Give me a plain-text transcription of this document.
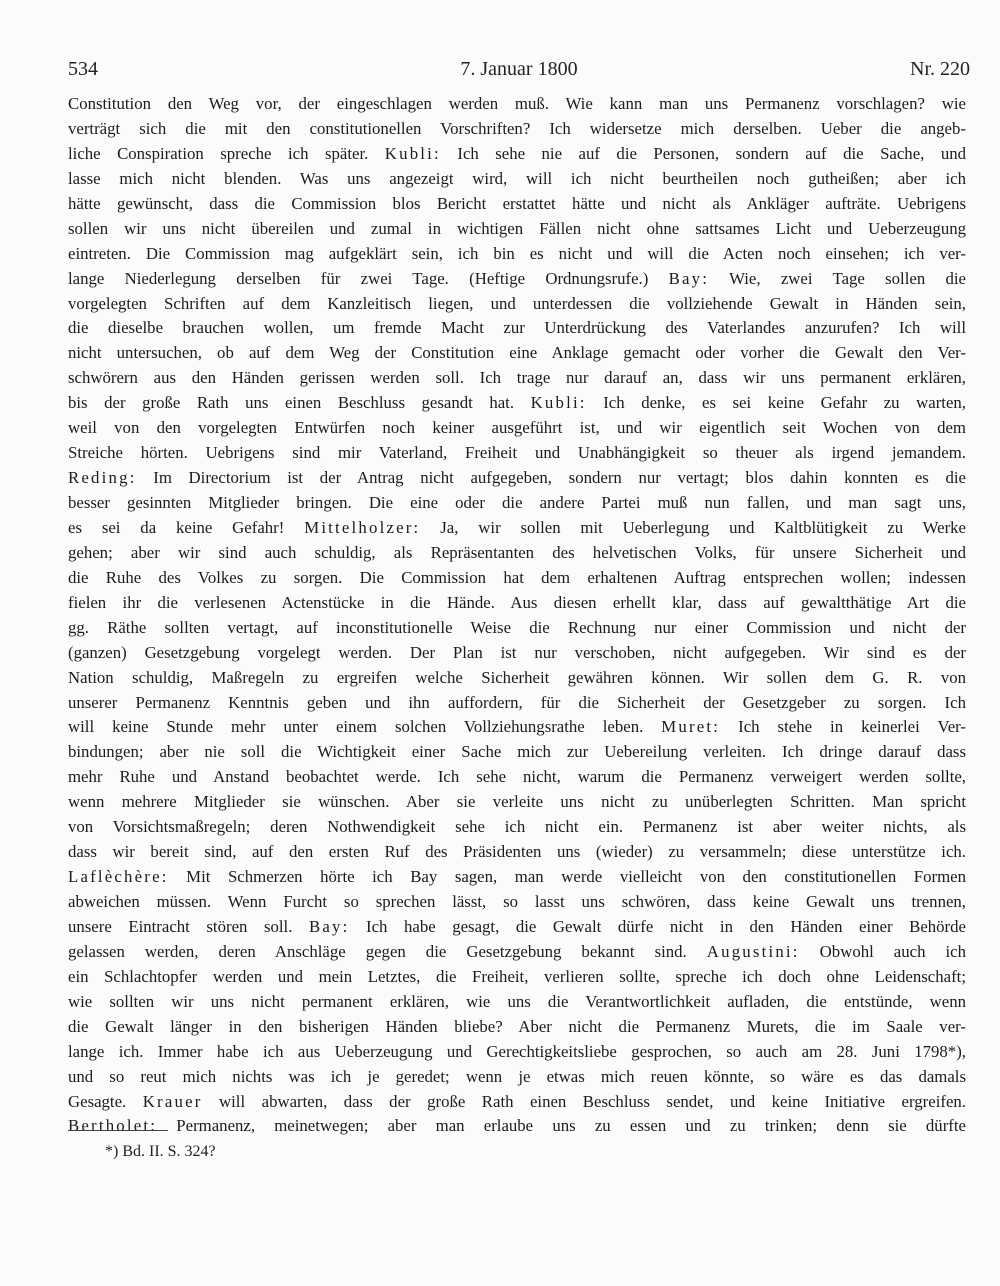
534	7. Januar 1800	Nr. 220
Constitution den Weg vor, der eingeschlagen werden muß. Wie kann man uns Permanenz vorschlagen? wie
verträgt sich die mit den constitutionellen Vorschriften? Ich widersetze mich derselben. Ueber die angeb-
liche Conspiration spreche ich später. Kubli: Ich sehe nie auf die Personen, sondern auf die Sache, und
lasse mich nicht blenden. Was uns angezeigt wird, will ich nicht beurtheilen noch gutheißen; aber ich
hätte gewünscht, dass die Commission blos Bericht erstattet hätte und nicht als Ankläger aufträte. Uebrigens
sollen wir uns nicht übereilen und zumal in wichtigen Fällen nicht ohne sattsames Licht und Ueberzeugung
eintreten. Die Commission mag aufgeklärt sein, ich bin es nicht und will die Acten noch einsehen; ich ver-
lange Niederlegung derselben für zwei Tage. (Heftige Ordnungsrufe.) Bay: Wie, zwei Tage sollen die
vorgelegten Schriften auf dem Kanzleitisch liegen, und unterdessen die vollziehende Gewalt in Händen sein,
die dieselbe brauchen wollen, um fremde Macht zur Unterdrückung des Vaterlandes anzurufen? Ich will
nicht untersuchen, ob auf dem Weg der Constitution eine Anklage gemacht oder vorher die Gewalt den Ver-
schwörern aus den Händen gerissen werden soll. Ich trage nur darauf an, dass wir uns permanent erklären,
bis der große Rath uns einen Beschluss gesandt hat. Kubli: Ich denke, es sei keine Gefahr zu warten,
weil von den vorgelegten Entwürfen noch keiner ausgeführt ist, und wir eigentlich seit Wochen von dem
Streiche hörten. Uebrigens sind mir Vaterland, Freiheit und Unabhängigkeit so theuer als irgend jemandem.
Reding: Im Directorium ist der Antrag nicht aufgegeben, sondern nur vertagt; blos dahin konnten es die
besser gesinnten Mitglieder bringen. Die eine oder die andere Partei muß nun fallen, und man sagt uns,
es sei da keine Gefahr! Mittelholzer: Ja, wir sollen mit Ueberlegung und Kaltblütigkeit zu Werke
gehen; aber wir sind auch schuldig, als Repräsentanten des helvetischen Volks, für unsere Sicherheit und
die Ruhe des Volkes zu sorgen. Die Commission hat dem erhaltenen Auftrag entsprechen wollen; indessen
fielen ihr die verlesenen Actenstücke in die Hände. Aus diesen erhellt klar, dass auf gewaltthätige Art die
gg. Räthe sollten vertagt, auf inconstitutionelle Weise die Rechnung nur einer Commission und nicht der
(ganzen) Gesetzgebung vorgelegt werden. Der Plan ist nur verschoben, nicht aufgegeben. Wir sind es der
Nation schuldig, Maßregeln zu ergreifen welche Sicherheit gewähren können. Wir sollen dem G. R. von
unserer Permanenz Kenntnis geben und ihn auffordern, für die Sicherheit der Gesetzgeber zu sorgen. Ich
will keine Stunde mehr unter einem solchen Vollziehungsrathe leben. Muret: Ich stehe in keinerlei Ver-
bindungen; aber nie soll die Wichtigkeit einer Sache mich zur Uebereilung verleiten. Ich dringe darauf dass
mehr Ruhe und Anstand beobachtet werde. Ich sehe nicht, warum die Permanenz verweigert werden sollte,
wenn mehrere Mitglieder sie wünschen. Aber sie verleite uns nicht zu unüberlegten Schritten. Man spricht
von Vorsichtsmaßregeln; deren Nothwendigkeit sehe ich nicht ein. Permanenz ist aber weiter nichts, als
dass wir bereit sind, auf den ersten Ruf des Präsidenten uns (wieder) zu versammeln; diese unterstütze ich.
Laflèchère: Mit Schmerzen hörte ich Bay sagen, man werde vielleicht von den constitutionellen Formen
abweichen müssen. Wenn Furcht so sprechen lässt, so lasst uns schwören, dass keine Gewalt uns trennen,
unsere Eintracht stören soll. Bay: Ich habe gesagt, die Gewalt dürfe nicht in den Händen einer Behörde
gelassen werden, deren Anschläge gegen die Gesetzgebung bekannt sind. Augustini: Obwohl auch ich
ein Schlachtopfer werden und mein Letztes, die Freiheit, verlieren sollte, spreche ich doch ohne Leidenschaft;
wie sollten wir uns nicht permanent erklären, wie uns die Verantwortlichkeit aufladen, die entstünde, wenn
die Gewalt länger in den bisherigen Händen bliebe? Aber nicht die Permanenz Murets, die im Saale ver-
lange ich. Immer habe ich aus Ueberzeugung und Gerechtigkeitsliebe gesprochen, so auch am 28. Juni 1798*),
und so reut mich nichts was ich je geredet; wenn je etwas mich reuen könnte, so wäre es das damals
Gesagte. Krauer will abwarten, dass der große Rath einen Beschluss sendet, und keine Initiative ergreifen.
Bertholet: Permanenz, meinetwegen; aber man erlaube uns zu essen und zu trinken; denn sie dürfte
*) Bd. II. S. 324?
